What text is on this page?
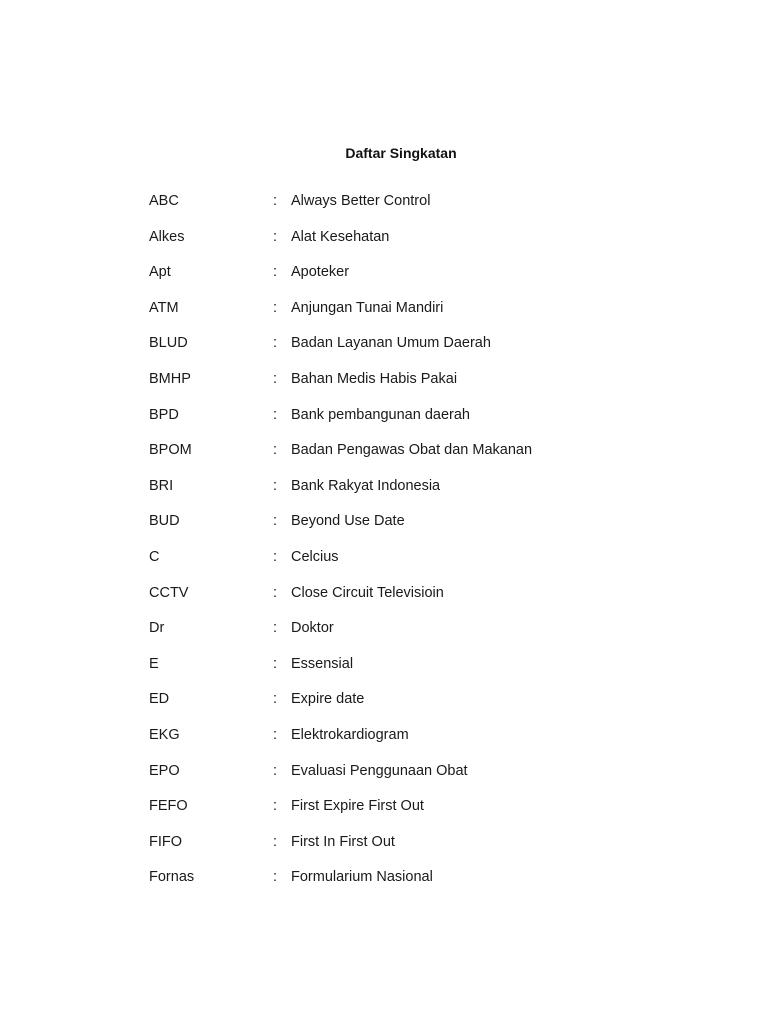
Daftar Singkatan
ABC	: Always Better Control
Alkes	: Alat Kesehatan
Apt	: Apoteker
ATM	: Anjungan Tunai Mandiri
BLUD	: Badan Layanan Umum Daerah
BMHP	: Bahan Medis Habis Pakai
BPD	: Bank pembangunan daerah
BPOM	: Badan Pengawas Obat dan Makanan
BRI	: Bank Rakyat Indonesia
BUD	: Beyond Use Date
C	: Celcius
CCTV	: Close Circuit Televisioin
Dr	: Doktor
E	: Essensial
ED	: Expire date
EKG	: Elektrokardiogram
EPO	: Evaluasi Penggunaan Obat
FEFO	: First Expire First Out
FIFO	: First In First Out
Fornas	: Formularium Nasional
